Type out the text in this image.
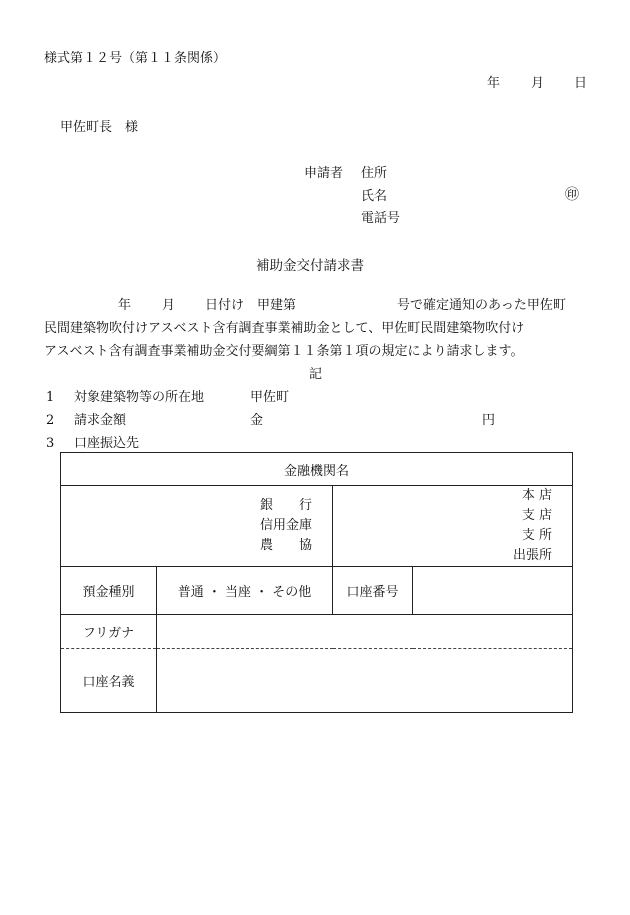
様式第１２号（第１１条関係）
年 月 日
甲佐町長　様
申請者 住所
氏名	㊞
電話号
補助金交付請求書
年 月 日付け　甲建第	号で確定通知のあった甲佐町
民間建築物吹付けアスベスト含有調査事業補助金として、甲佐町民間建築物吹付け
アスベスト含有調査事業補助金交付要綱第１１条第１項の規定により請求します。
記
1 対象建築物等の所在地	甲佐町
2 請求金額	金	円
3 口座振込先
金融機関名			

銀　　行
信用金庫
農　　協		本 店
支 店
支 所
出張所	

預金種別	普通 ・ 当座 ・ その他	口座番号	
フリガナ			
口座名義			
